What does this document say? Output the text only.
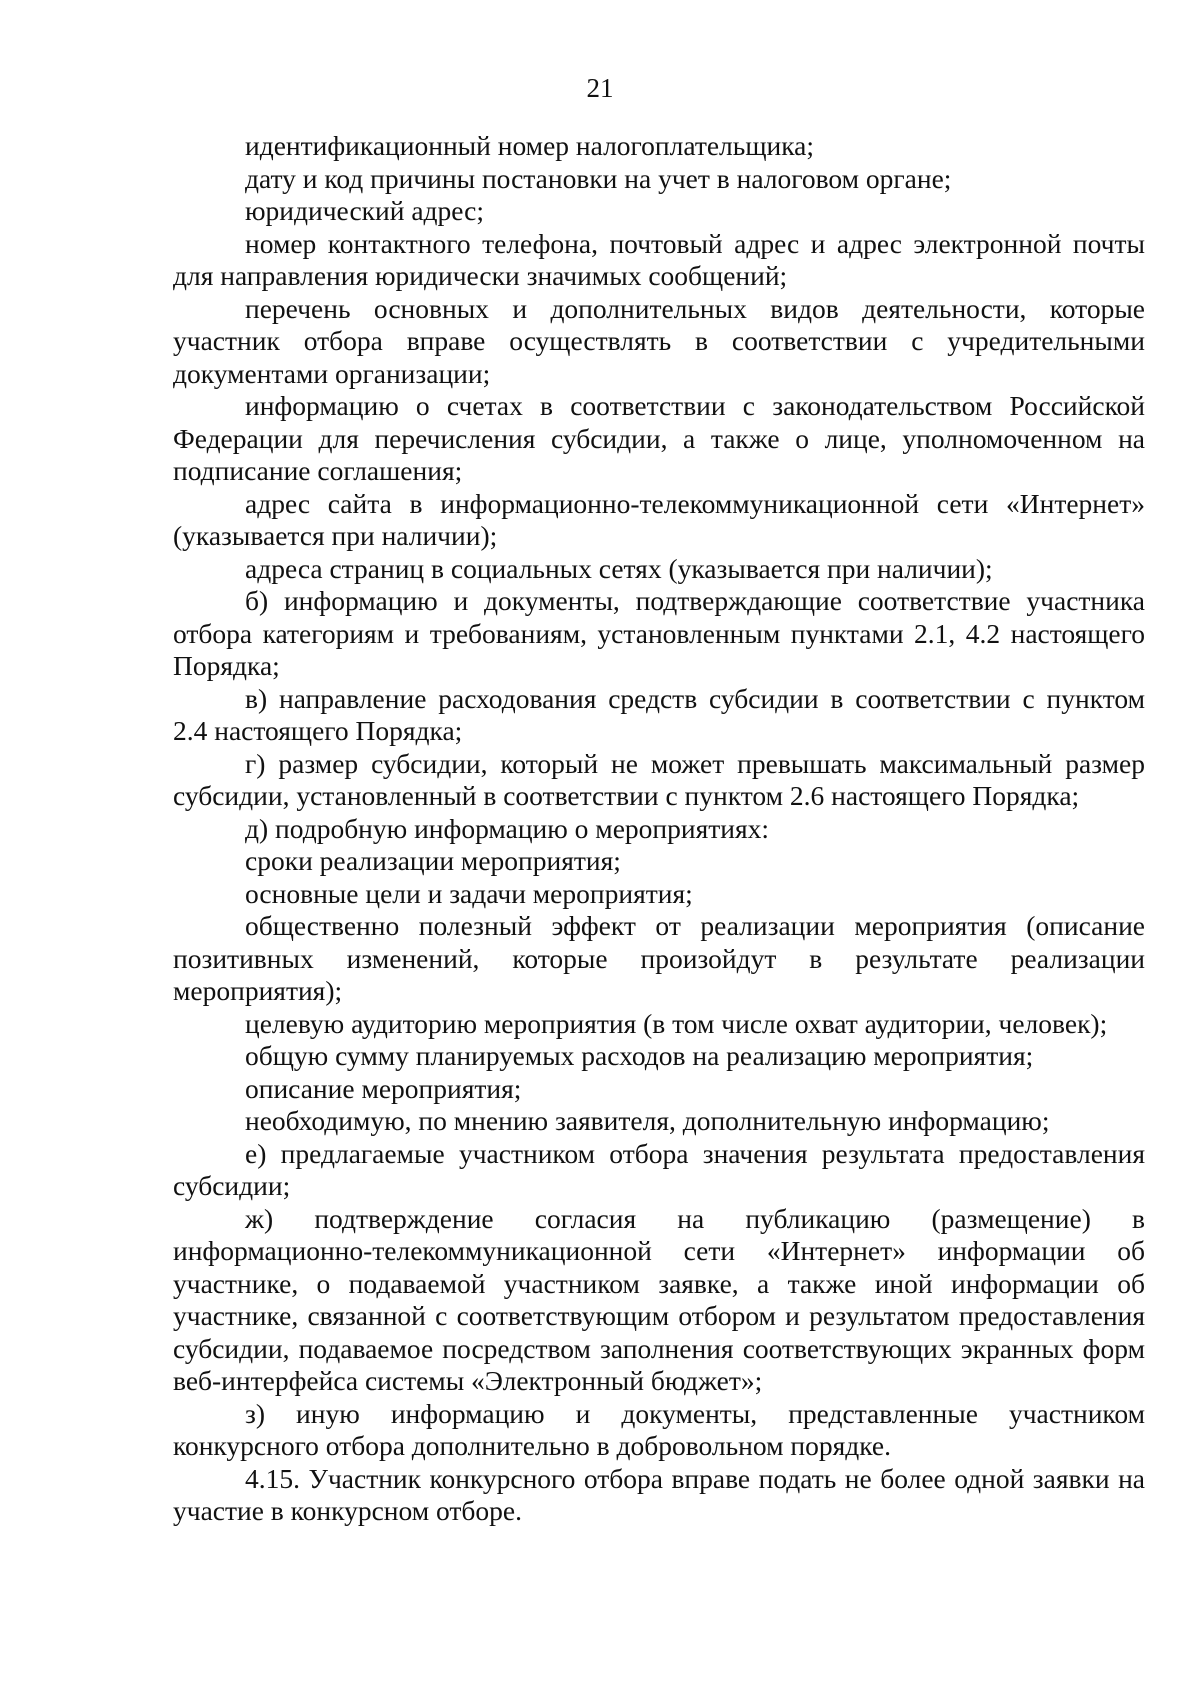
21

идентификационный номер налогоплательщика;

дату и код причины постановки на учет в налоговом органе;

юридический адрес;

номер контактного телефона, почтовый адрес и адрес электронной почты для направления юридически значимых сообщений;

перечень основных и дополнительных видов деятельности, которые участник отбора вправе осуществлять в соответствии с учредительными документами организации;

информацию о счетах в соответствии с законодательством Российской Федерации для перечисления субсидии, а также о лице, уполномоченном на подписание соглашения;

адрес сайта в информационно-телекоммуникационной сети «Интернет» (указывается при наличии);

адреса страниц в социальных сетях (указывается при наличии);

б) информацию и документы, подтверждающие соответствие участника отбора категориям и требованиям, установленным пунктами 2.1, 4.2 настоящего Порядка;

в) направление расходования средств субсидии в соответствии с пунктом 2.4 настоящего Порядка;

г) размер субсидии, который не может превышать максимальный размер субсидии, установленный в соответствии с пунктом 2.6 настоящего Порядка;

д) подробную информацию о мероприятиях:

сроки реализации мероприятия;

основные цели и задачи мероприятия;

общественно полезный эффект от реализации мероприятия (описание позитивных изменений, которые произойдут в результате реализации мероприятия);

целевую аудиторию мероприятия (в том числе охват аудитории, человек);

общую сумму планируемых расходов на реализацию мероприятия;

описание мероприятия;

необходимую, по мнению заявителя, дополнительную информацию;

е) предлагаемые участником отбора значения результата предоставления субсидии;

ж) подтверждение согласия на публикацию (размещение) в информационно-телекоммуникационной сети «Интернет» информации об участнике, о подаваемой участником заявке, а также иной информации об участнике, связанной с соответствующим отбором и результатом предоставления субсидии, подаваемое посредством заполнения соответствующих экранных форм веб-интерфейса системы «Электронный бюджет»;

з) иную информацию и документы, представленные участником конкурсного отбора дополнительно в добровольном порядке.

4.15. Участник конкурсного отбора вправе подать не более одной заявки на участие в конкурсном отборе.
